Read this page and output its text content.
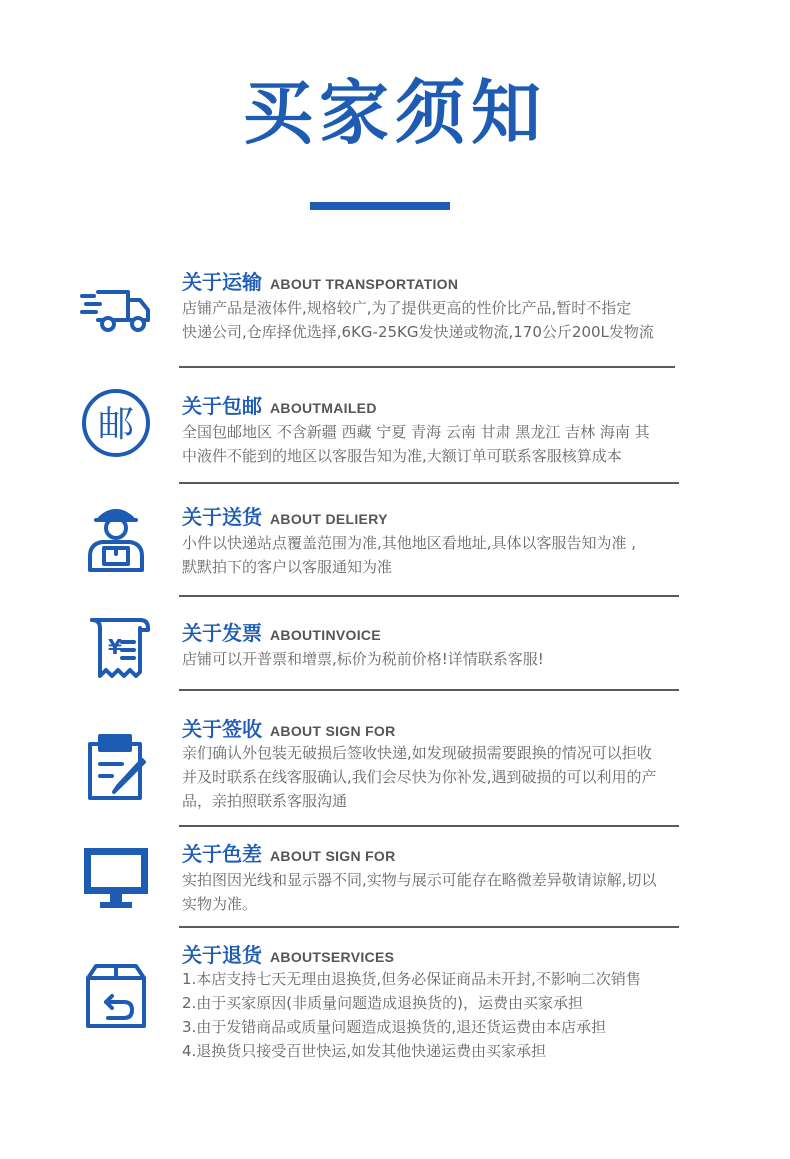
买家须知
关于运输 ABOUT TRANSPORTATION
店铺产品是液体件,规格较广,为了提供更高的性价比产品,暂时不指定
快递公司,仓库择优选择,6KG-25KG发快递或物流,170公斤200L发物流
邮 关于包邮 ABOUTMAILED
全国包邮地区 不含新疆 西藏 宁夏 青海 云南 甘肃 黑龙江 吉林 海南 其
中液件不能到的地区以客服告知为准,大额订单可联系客服核算成本
关于送货 ABOUT DELIERY
小件以快递站点覆盖范围为准,其他地区看地址,具体以客服告知为准 ,
默默拍下的客户以客服通知为准
¥
关于发票 ABOUTINVOICE
店铺可以开普票和增票,标价为税前价格!详情联系客服!
关于签收 ABOUT SIGN FOR
亲们确认外包装无破损后签收快递,如发现破损需要跟换的情况可以拒收
并及时联系在线客服确认,我们会尽快为你补发,遇到破损的可以利用的产
品，亲拍照联系客服沟通
关于色差 ABOUT SIGN FOR
实拍图因光线和显示器不同,实物与展示可能存在略微差异敬请谅解,切以
实物为准。
关于退货 ABOUTSERVICES
1.本店支持七天无理由退换货,但务必保证商品未开封,不影响二次销售
2.由于买家原因(非质量问题造成退换货的)，运费由买家承担
3.由于发错商品或质量问题造成退换货的,退还货运费由本店承担
4.退换货只接受百世快运,如发其他快递运费由买家承担
